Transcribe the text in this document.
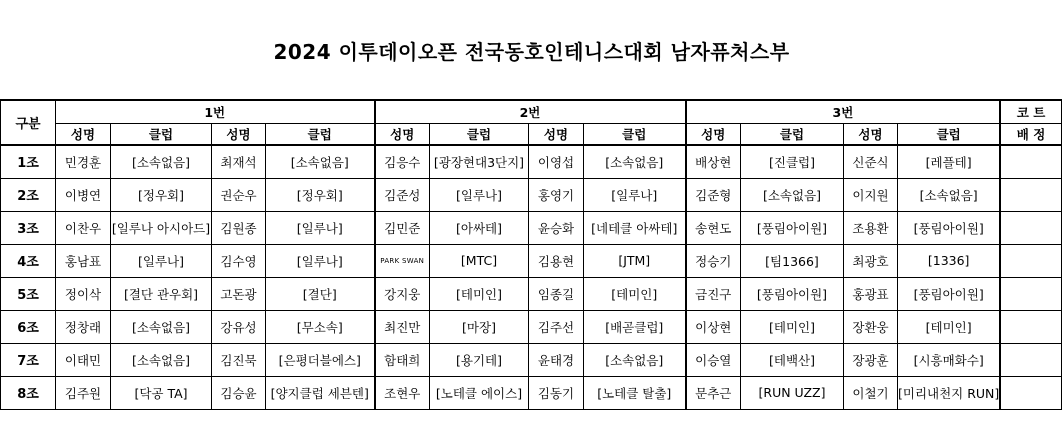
2024 이투데이오픈 전국동호인테니스대회 남자퓨처스부
구분	1번				2번				3번				코 트
	성명	클럽	성명	클럽	성명	클럽	성명	클럽	성명	클럽	성명	클럽	배 정
1조	민경훈	[소속없음]	최재석	[소속없음]	김응수	[광장현대3단지]	이영섭	[소속없음]	배상현	[진클럽]	신준식	[레플테]	
2조	이병연	[정우회]	권순우	[정우회]	김준성	[일루나]	홍영기	[일루나]	김준형	[소속없음]	이지원	[소속없음]	
3조	이찬우	[일루나 아시아드]	김원종	[일루나]	김민준	[아싸테]	윤승화	[네테클 아싸테]	송현도	[풍림아이원]	조용환	[풍림아이원]	
4조	홍남표	[일루나]	김수영	[일루나]	PARK SWAN	[MTC]	김용현	[JTM]	정승기	[팀1366]	최광호	[1336]	
5조	정이삭	[결단 관우회]	고돈광	[결단]	강지웅	[테미인]	임종길	[테미인]	금진구	[풍림아이원]	홍광표	[풍림아이원]	
6조	정창래	[소속없음]	강유성	[무소속]	최진만	[마장]	김주선	[배곧클럽]	이상현	[테미인]	장환웅	[테미인]	
7조	이태민	[소속없음]	김진묵	[은평더블에스]	함태희	[용기테]	윤태경	[소속없음]	이승열	[테백산]	장광훈	[시흥매화수]	
8조	김주원	[닥공 TA]	김승윤	[양지클럽 세븐텐]	조현우	[노테클 에이스]	김동기	[노테클 탈출]	문추근	[RUN UZZ]	이철기	[미리내천지 RUN]	
